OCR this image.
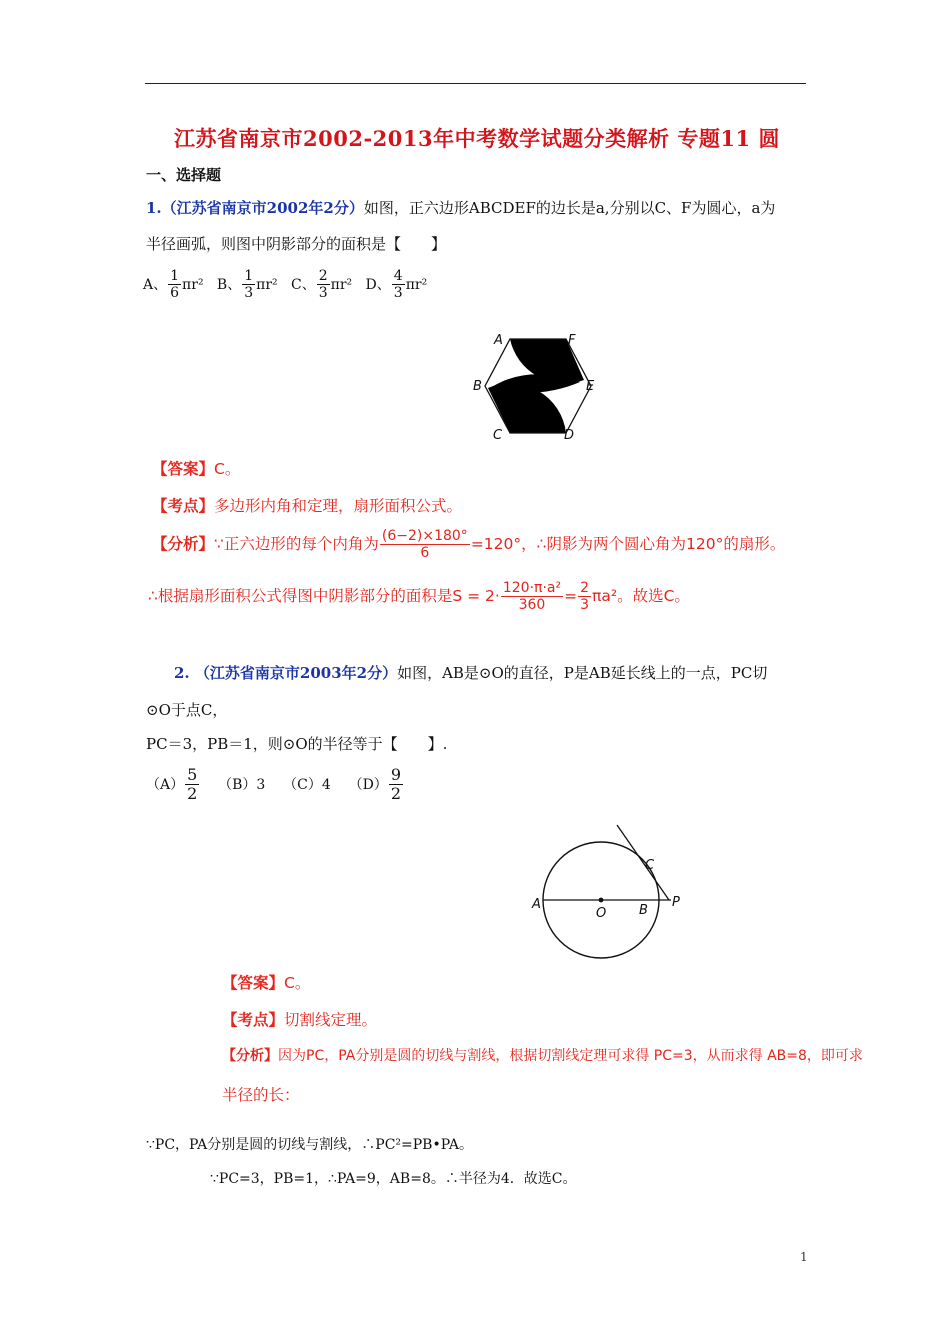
江苏省南京市2002-2013年中考数学试题分类解析 专题11 圆
一、选择题
1.（江苏省南京市2002年2分）如图，正六边形ABCDEF的边长是a,分别以C、F为圆心，a为
半径画弧，则图中阴影部分的面积是【　　】
A、 $\frac{1}{6} \pi r^2$ B、 $\frac{1}{3} \pi r^2$ C、 $\frac{2}{3} \pi r^2$ D、 $\frac{4}{3} \pi r^2$
A	F
B	E
C	D
【答案】C。
【考点】多边形内角和定理，扇形面积公式。
【分析】∵正六边形的每个内角为 $\frac{(6-2)\times 180^\circ}{6} =120^\circ$，∴阴影为两个圆心角为120°的扇形。
∴根据扇形面积公式得图中阴影部分的面积是$S = 2\cdot \frac{\text{120·π·a²}}{360} = \frac{2}{3} \pi a^2$。故选C。
2. （江苏省南京市2003年2分）如图，AB是⊙O的直径，P是AB延长线上的一点，PC切
⊙O于点C，
PC＝3，PB＝1，则⊙O的半径等于【　　】.
$(A) \frac{5}{2} (B)3$ （C）4 $(D) \frac{9}{2}$
C
A
O	B
P
【答案】C。
【考点】切割线定理。
【分析】因为PC，PA分别是圆的切线与割线，根据切割线定理可求得 PC=3，从而求得 AB=8，即可求
半径的长：
∵PC，PA分别是圆的切线与割线，∴PC²=PB•PA。
∵PC=3，PB=1，∴PA=9，AB=8。∴半径为4．故选C。
1
